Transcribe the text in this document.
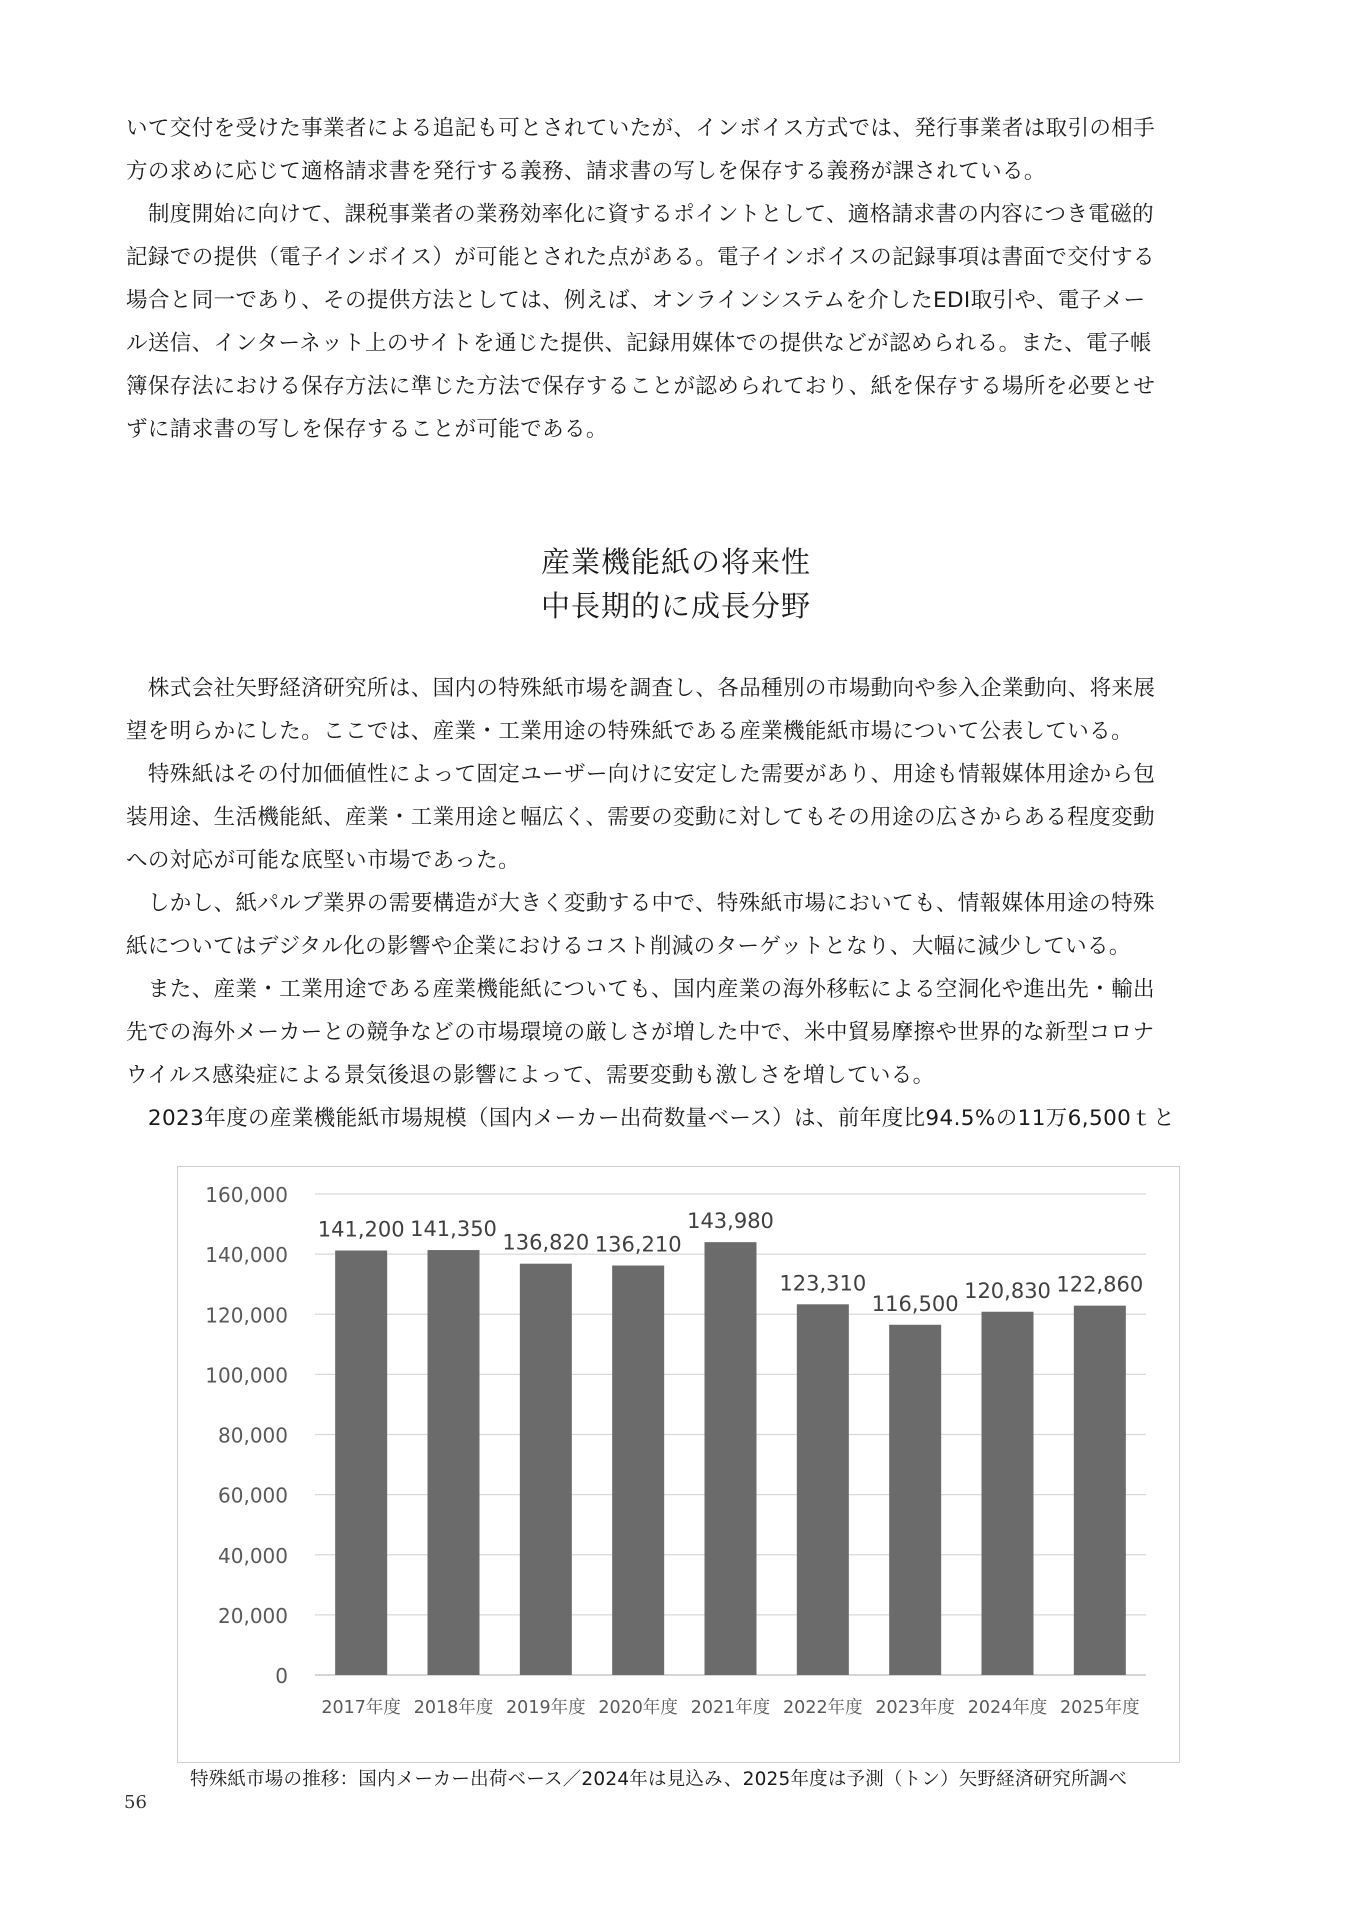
いて交付を受けた事業者による追記も可とされていたが、インボイス方式では、発行事業者は取引の相手
方の求めに応じて適格請求書を発行する義務、請求書の写しを保存する義務が課されている。
　制度開始に向けて、課税事業者の業務効率化に資するポイントとして、適格請求書の内容につき電磁的
記録での提供（電子インボイス）が可能とされた点がある。電子インボイスの記録事項は書面で交付する
場合と同一であり、その提供方法としては、例えば、オンラインシステムを介したEDI取引や、電子メー
ル送信、インターネット上のサイトを通じた提供、記録用媒体での提供などが認められる。また、電子帳
簿保存法における保存方法に準じた方法で保存することが認められており、紙を保存する場所を必要とせ
ずに請求書の写しを保存することが可能である。
産業機能紙の将来性
中長期的に成長分野
　株式会社矢野経済研究所は、国内の特殊紙市場を調査し、各品種別の市場動向や参入企業動向、将来展
望を明らかにした。ここでは、産業・工業用途の特殊紙である産業機能紙市場について公表している。
　特殊紙はその付加価値性によって固定ユーザー向けに安定した需要があり、用途も情報媒体用途から包
装用途、生活機能紙、産業・工業用途と幅広く、需要の変動に対してもその用途の広さからある程度変動
への対応が可能な底堅い市場であった。
　しかし、紙パルプ業界の需要構造が大きく変動する中で、特殊紙市場においても、情報媒体用途の特殊
紙についてはデジタル化の影響や企業におけるコスト削減のターゲットとなり、大幅に減少している。
　また、産業・工業用途である産業機能紙についても、国内産業の海外移転による空洞化や進出先・輸出
先での海外メーカーとの競争などの市場環境の厳しさが増した中で、米中貿易摩擦や世界的な新型コロナ
ウイルス感染症による景気後退の影響によって、需要変動も激しさを増している。
　2023年度の産業機能紙市場規模（国内メーカー出荷数量ベース）は、前年度比94.5%の11万6,500ｔと
0
20,000
40,000
60,000
80,000
100,000
120,000
140,000
160,000
141,200
2017年度
141,350
2018年度
136,820
2019年度
136,210
2020年度
143,980
2021年度
123,310
2022年度
116,500
2023年度
120,830
2024年度
122,860
2025年度
特殊紙市場の推移：国内メーカー出荷ベース／2024年は見込み、2025年度は予測（トン）矢野経済研究所調べ
56
